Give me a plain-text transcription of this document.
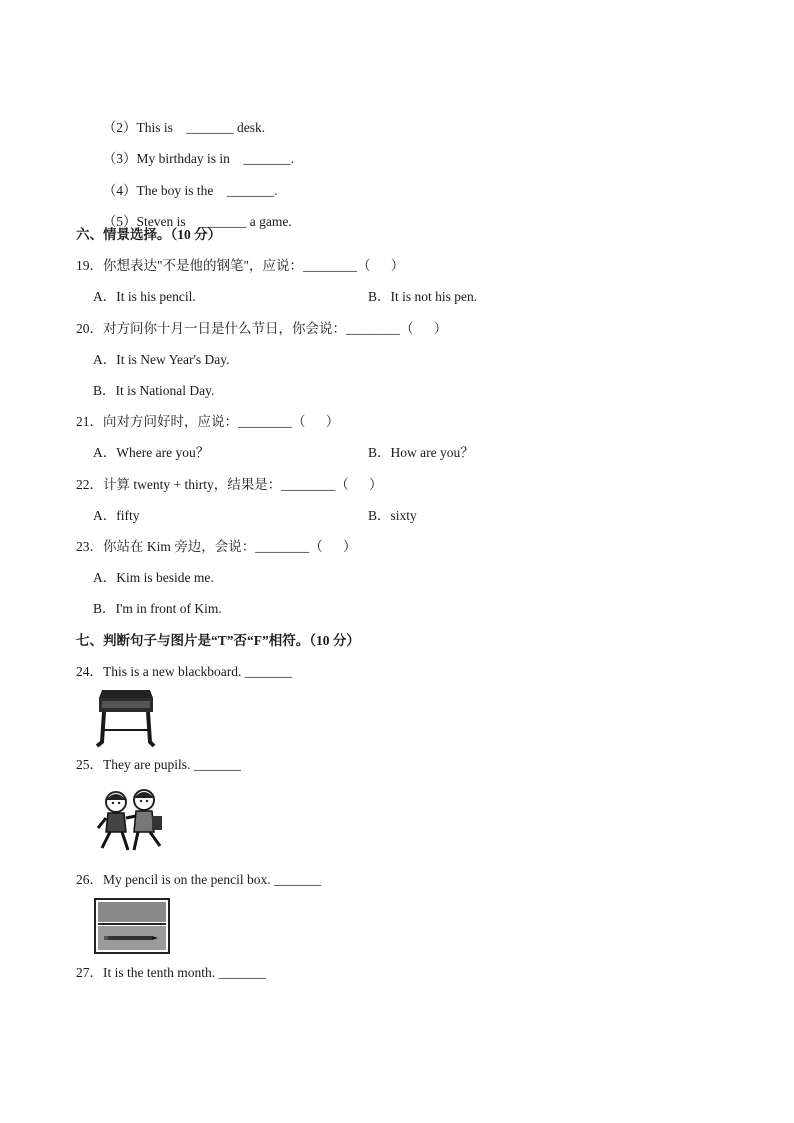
（2）This is    _______ desk.

（3）My birthday is in    _______.

（4）The boy is the    _______.

（5）Steven is    _______ a game.

六、情景选择。（10 分）
19．你想表达"不是他的钢笔"，应说：________（      ）
A．It is his pencil.	B．It is not his pen.
20．对方问你十月一日是什么节日，你会说：________（      ）
A．It is New Year's Day.
B．It is National Day.
21．向对方问好时，应说：________（      ）
A．Where are you？	B．How are you？
22．计算 twenty + thirty，结果是：________（      ）
A．fifty	B．sixty
23．你站在 Kim 旁边，会说：________（      ）
A．Kim is beside me.
B．I'm in front of Kim.
七、判断句子与图片是“T”否“F”相符。（10 分）
24．This is a new blackboard. _______
25．They are pupils. _______
26．My pencil is on the pencil box. _______
27．It is the tenth month. _______
